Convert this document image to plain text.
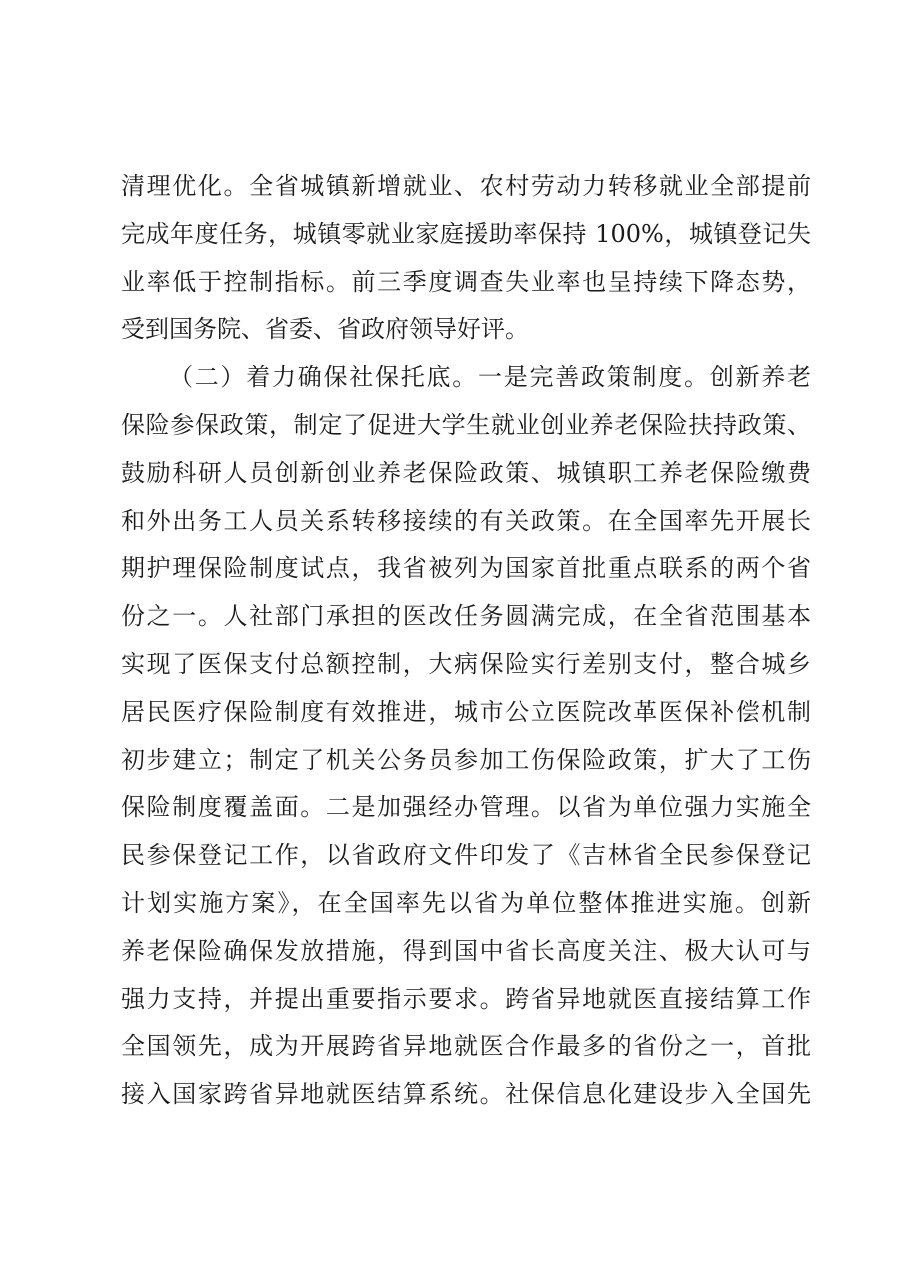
清理优化。全省城镇新增就业、农村劳动力转移就业全部提前
完成年度任务，城镇零就业家庭援助率保持 100%，城镇登记失
业率低于控制指标。前三季度调查失业率也呈持续下降态势，
受到国务院、省委、省政府领导好评。
（二）着力确保社保托底。一是完善政策制度。创新养老
保险参保政策，制定了促进大学生就业创业养老保险扶持政策、
鼓励科研人员创新创业养老保险政策、城镇职工养老保险缴费
和外出务工人员关系转移接续的有关政策。在全国率先开展长
期护理保险制度试点，我省被列为国家首批重点联系的两个省
份之一。人社部门承担的医改任务圆满完成，在全省范围基本
实现了医保支付总额控制，大病保险实行差别支付，整合城乡
居民医疗保险制度有效推进，城市公立医院改革医保补偿机制
初步建立；制定了机关公务员参加工伤保险政策，扩大了工伤
保险制度覆盖面。二是加强经办管理。以省为单位强力实施全
民参保登记工作，以省政府文件印发了《吉林省全民参保登记
计划实施方案》，在全国率先以省为单位整体推进实施。创新
养老保险确保发放措施，得到国中省长高度关注、极大认可与
强力支持，并提出重要指示要求。跨省异地就医直接结算工作
全国领先，成为开展跨省异地就医合作最多的省份之一，首批
接入国家跨省异地就医结算系统。社保信息化建设步入全国先
